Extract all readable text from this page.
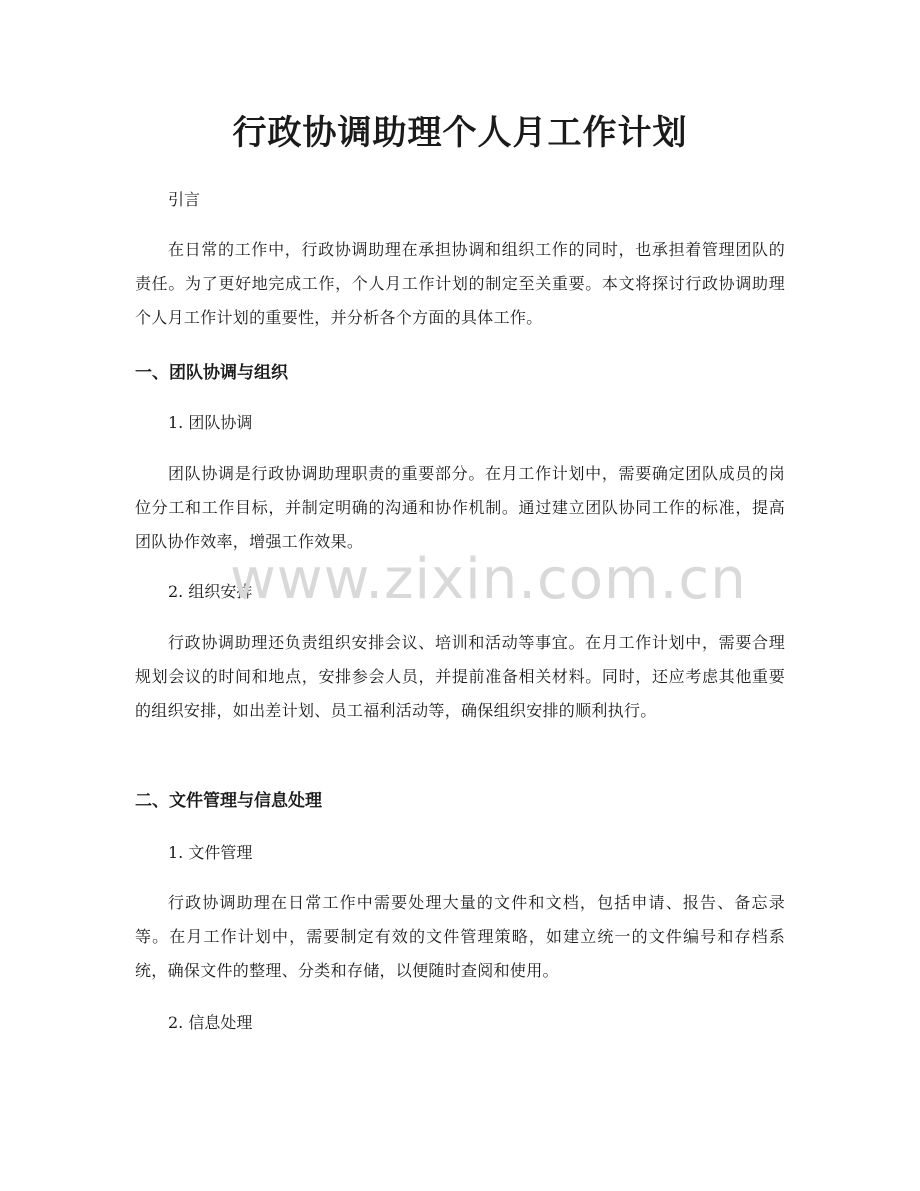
行政协调助理个人月工作计划

引言

在日常的工作中，行政协调助理在承担协调和组织工作的同时，也承担着管理团队的责任。为了更好地完成工作，个人月工作计划的制定至关重要。本文将探讨行政协调助理个人月工作计划的重要性，并分析各个方面的具体工作。

一、团队协调与组织

1. 团队协调

团队协调是行政协调助理职责的重要部分。在月工作计划中，需要确定团队成员的岗位分工和工作目标，并制定明确的沟通和协作机制。通过建立团队协同工作的标准，提高团队协作效率，增强工作效果。

2. 组织安排

行政协调助理还负责组织安排会议、培训和活动等事宜。在月工作计划中，需要合理规划会议的时间和地点，安排参会人员，并提前准备相关材料。同时，还应考虑其他重要的组织安排，如出差计划、员工福利活动等，确保组织安排的顺利执行。

二、文件管理与信息处理

1. 文件管理

行政协调助理在日常工作中需要处理大量的文件和文档，包括申请、报告、备忘录等。在月工作计划中，需要制定有效的文件管理策略，如建立统一的文件编号和存档系统，确保文件的整理、分类和存储，以便随时查阅和使用。

2. 信息处理

www.zixin.com.cn
